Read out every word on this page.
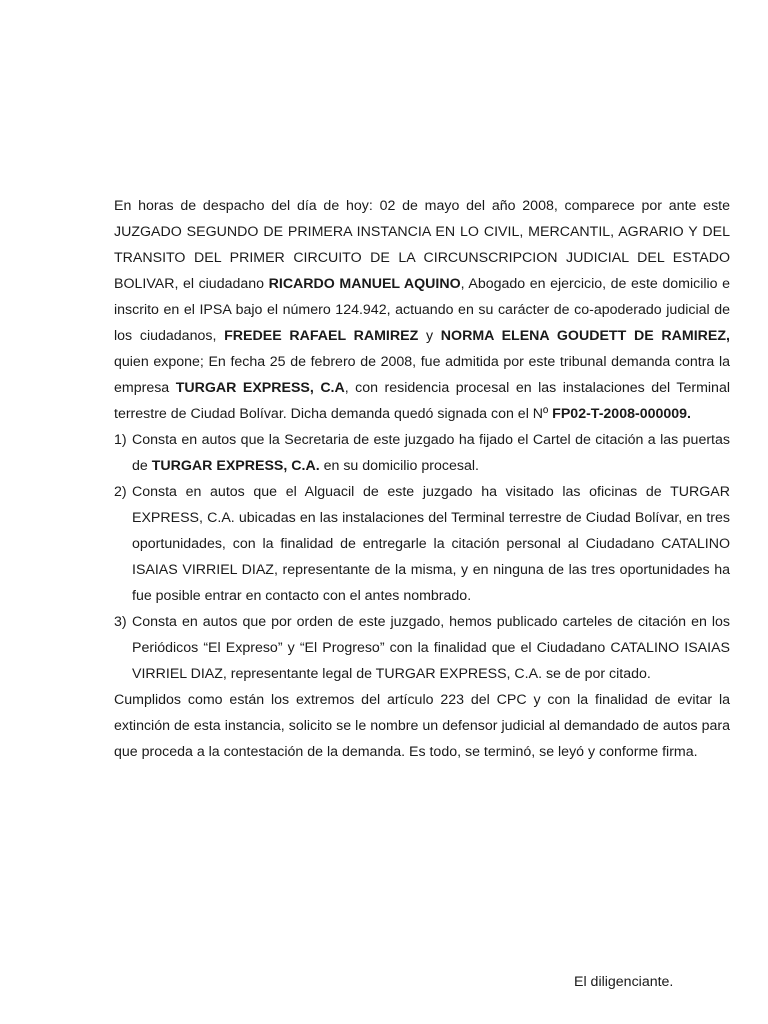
En horas de despacho del día de hoy: 02 de mayo del año 2008, comparece por ante este JUZGADO SEGUNDO DE PRIMERA INSTANCIA EN LO CIVIL, MERCANTIL, AGRARIO Y DEL TRANSITO DEL PRIMER CIRCUITO DE LA CIRCUNSCRIPCION JUDICIAL DEL ESTADO BOLIVAR, el ciudadano RICARDO MANUEL AQUINO, Abogado en ejercicio, de este domicilio e inscrito en el IPSA bajo el número 124.942, actuando en su carácter de co-apoderado judicial de los ciudadanos, FREDEE RAFAEL RAMIREZ y NORMA ELENA GOUDETT DE RAMIREZ, quien expone; En fecha 25 de febrero de 2008, fue admitida por este tribunal demanda contra la empresa TURGAR EXPRESS, C.A, con residencia procesal en las instalaciones del Terminal terrestre de Ciudad Bolívar. Dicha demanda quedó signada con el Nº FP02-T-2008-000009.

1) Consta en autos que la Secretaria de este juzgado ha fijado el Cartel de citación a las puertas de TURGAR EXPRESS, C.A. en su domicilio procesal.
2) Consta en autos que el Alguacil de este juzgado ha visitado las oficinas de TURGAR EXPRESS, C.A. ubicadas en las instalaciones del Terminal terrestre de Ciudad Bolívar, en tres oportunidades, con la finalidad de entregarle la citación personal al Ciudadano CATALINO ISAIAS VIRRIEL DIAZ, representante de la misma, y en ninguna de las tres oportunidades ha fue posible entrar en contacto con el antes nombrado.
3) Consta en autos que por orden de este juzgado, hemos publicado carteles de citación en los Periódicos “El Expreso” y “El Progreso” con la finalidad que el Ciudadano CATALINO ISAIAS VIRRIEL DIAZ, representante legal de TURGAR EXPRESS, C.A. se de por citado.

Cumplidos como están los extremos del artículo 223 del CPC y con la finalidad de evitar la extinción de esta instancia, solicito se le nombre un defensor judicial al demandado de autos para que proceda a la contestación de la demanda. Es todo, se terminó, se leyó y conforme firma.

El diligenciante.
